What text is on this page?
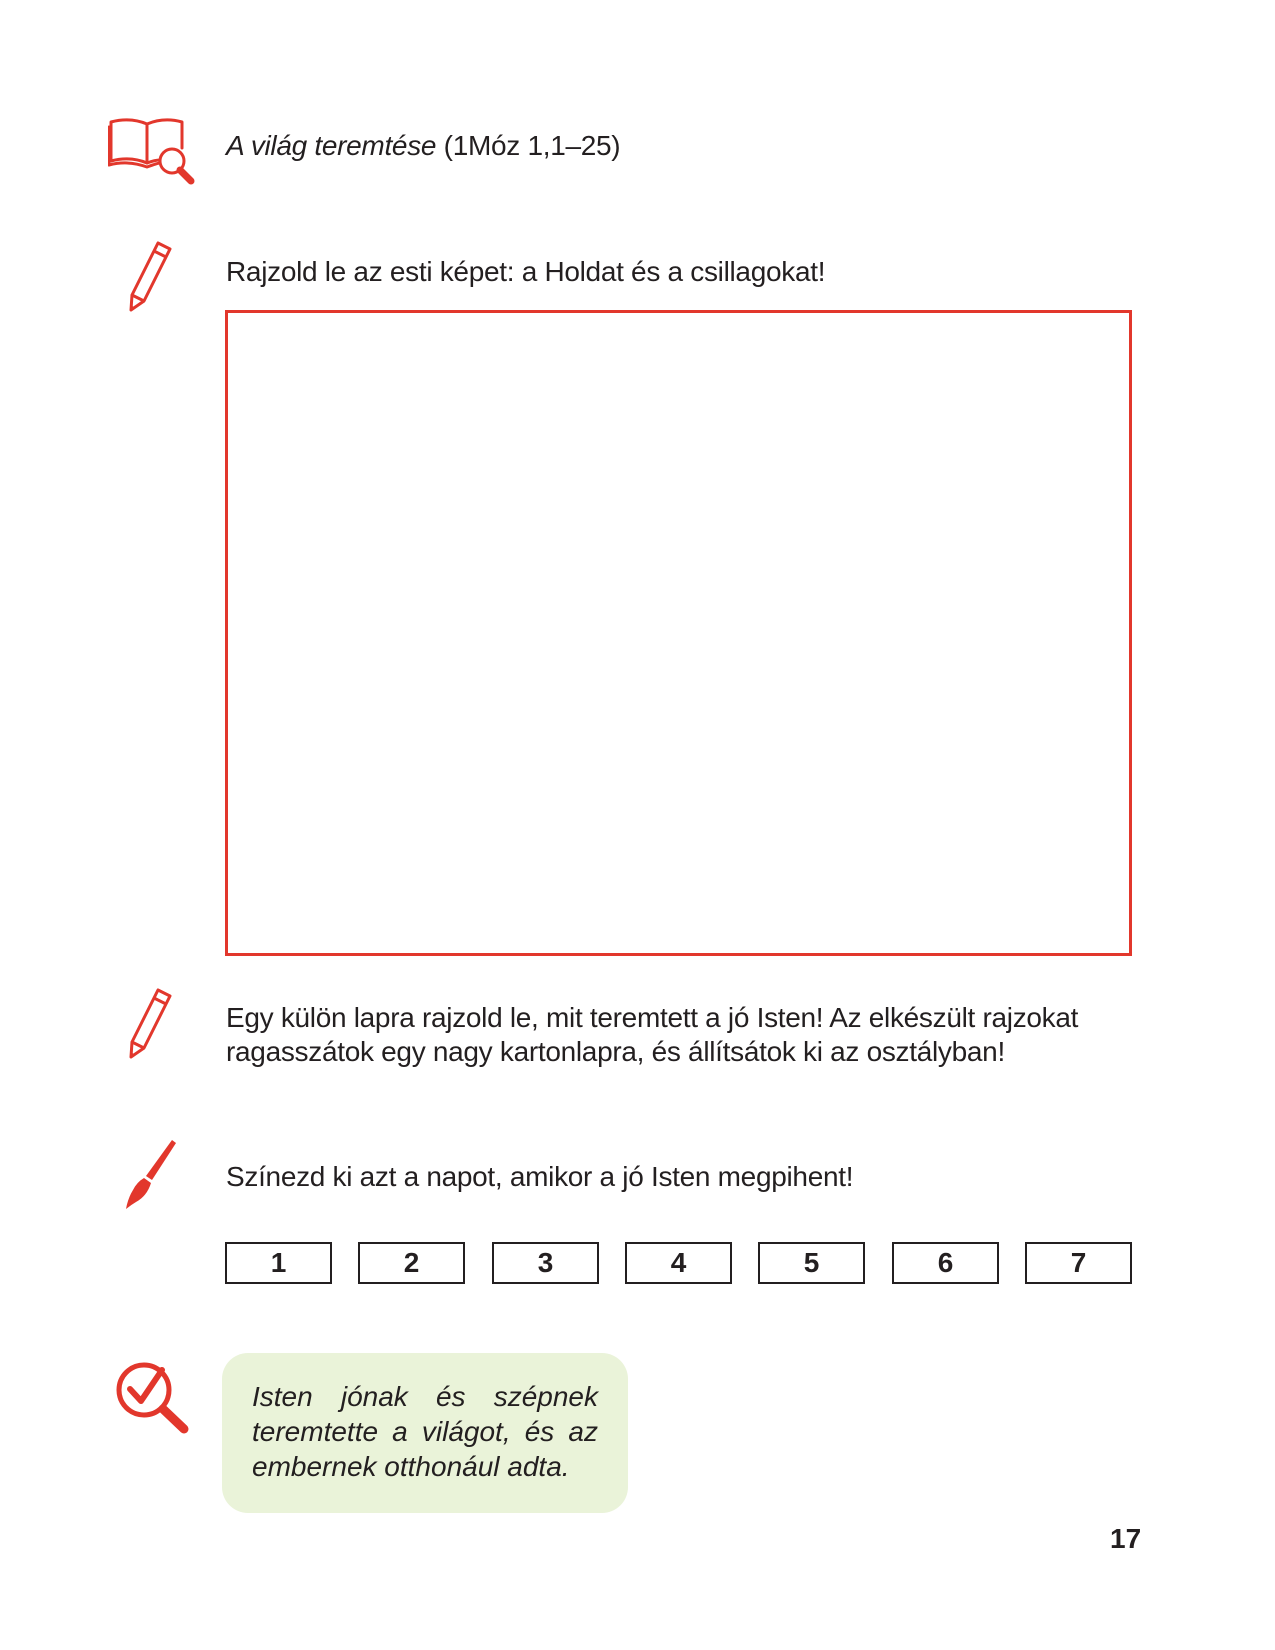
A világ teremtése (1Móz 1,1–25)
Rajzold le az esti képet: a Holdat és a csillagokat!
Egy külön lapra rajzold le, mit teremtett a jó Isten! Az elkészült rajzokat ragasszátok egy nagy kartonlapra, és állítsátok ki az osztályban!
Színezd ki azt a napot, amikor a jó Isten megpihent!
1	2	3	4	5	6	7
Isten jónak és szépnek teremtette a világot, és az embernek otthonául adta.
17
